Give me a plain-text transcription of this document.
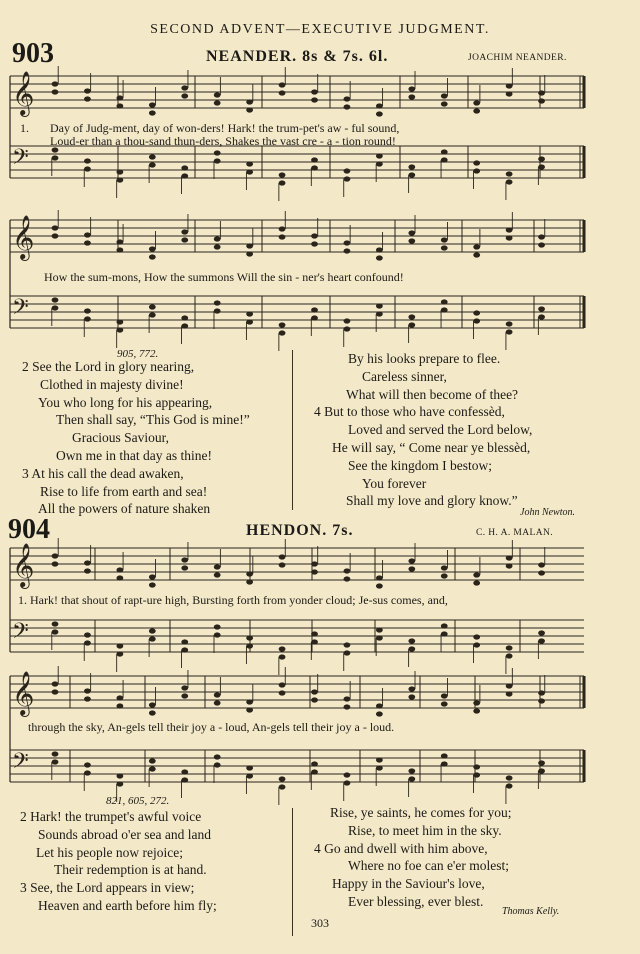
SECOND ADVENT—EXECUTIVE JUDGMENT.
903	NEANDER. 8s & 7s. 6l.	JOACHIM NEANDER.
𝄞
𝄢
𝄞
𝄢
𝄞
𝄢
𝄞
𝄢
1. Day of Judg-ment, day of won-ders! Hark! the trum-pet's aw - ful sound,
Loud-er than a thou-sand thun-ders, Shakes the vast cre - a - tion round!
How the sum-mons, How the summons Will the sin - ner's heart confound!
905, 772.
2 See the Lord in glory nearing,
Clothed in majesty divine!
You who long for his appearing,
Then shall say, “This God is mine!”
Gracious Saviour,
Own me in that day as thine!
3 At his call the dead awaken,
Rise to life from earth and sea!
All the powers of nature shaken
By his looks prepare to flee.
Careless sinner,
What will then become of thee?
4 But to those who have confessèd,
Loved and served the Lord below,
He will say, “ Come near ye blessèd,
See the kingdom I bestow;
You forever
Shall my love and glory know.”
John Newton.
904	HENDON. 7s.	C. H. A. MALAN.
1. Hark! that shout of rapt-ure high, Bursting forth from yonder cloud; Je-sus comes, and,
through the sky, An-gels tell their joy a - loud, An-gels tell their joy a - loud.
821, 605, 272.
2 Hark! the trumpet's awful voice
Sounds abroad o'er sea and land
Let his people now rejoice;
Their redemption is at hand.
3 See, the Lord appears in view;
Heaven and earth before him fly;
Rise, ye saints, he comes for you;
Rise, to meet him in the sky.
4 Go and dwell with him above,
Where no foe can e'er molest;
Happy in the Saviour's love,
Ever blessing, ever blest.
Thomas Kelly.
303
